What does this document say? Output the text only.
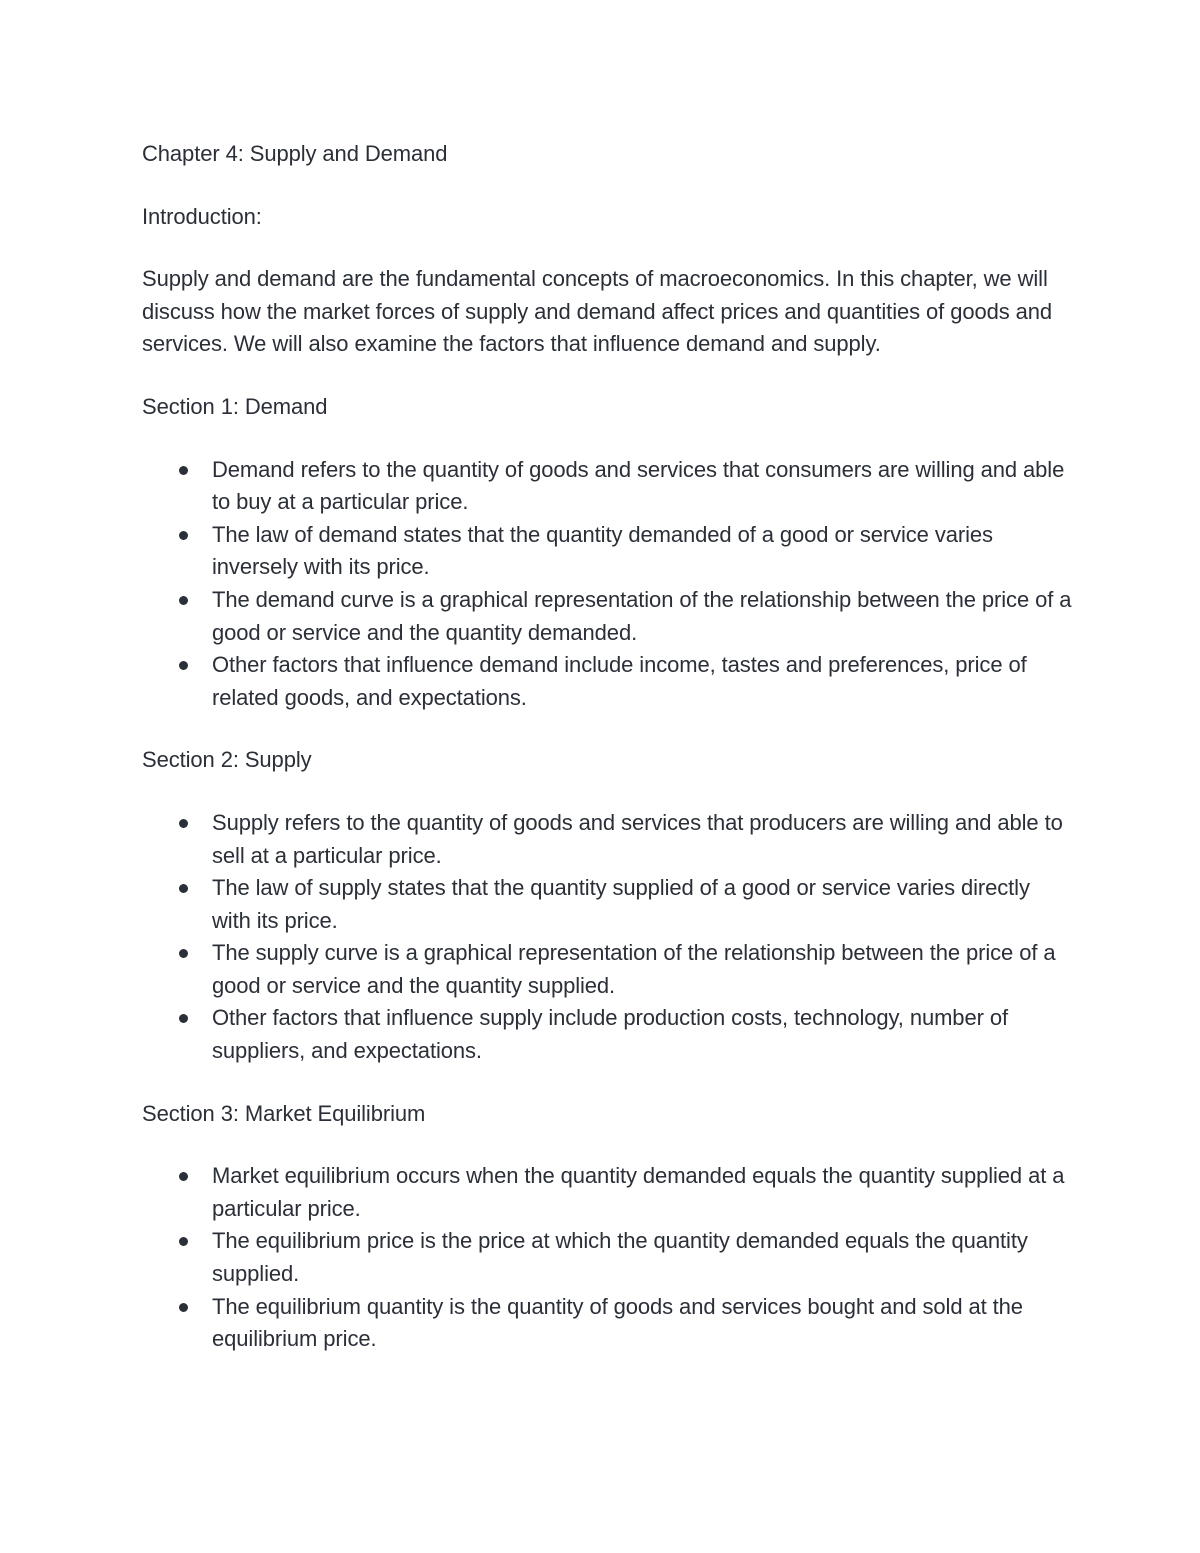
Chapter 4: Supply and Demand

Introduction:

Supply and demand are the fundamental concepts of macroeconomics. In this chapter, we will discuss how the market forces of supply and demand affect prices and quantities of goods and services. We will also examine the factors that influence demand and supply.

Section 1: Demand

Demand refers to the quantity of goods and services that consumers are willing and able to buy at a particular price.
The law of demand states that the quantity demanded of a good or service varies inversely with its price.
The demand curve is a graphical representation of the relationship between the price of a good or service and the quantity demanded.
Other factors that influence demand include income, tastes and preferences, price of related goods, and expectations.

Section 2: Supply

Supply refers to the quantity of goods and services that producers are willing and able to sell at a particular price.
The law of supply states that the quantity supplied of a good or service varies directly with its price.
The supply curve is a graphical representation of the relationship between the price of a good or service and the quantity supplied.
Other factors that influence supply include production costs, technology, number of suppliers, and expectations.

Section 3: Market Equilibrium

Market equilibrium occurs when the quantity demanded equals the quantity supplied at a particular price.
The equilibrium price is the price at which the quantity demanded equals the quantity supplied.
The equilibrium quantity is the quantity of goods and services bought and sold at the equilibrium price.
